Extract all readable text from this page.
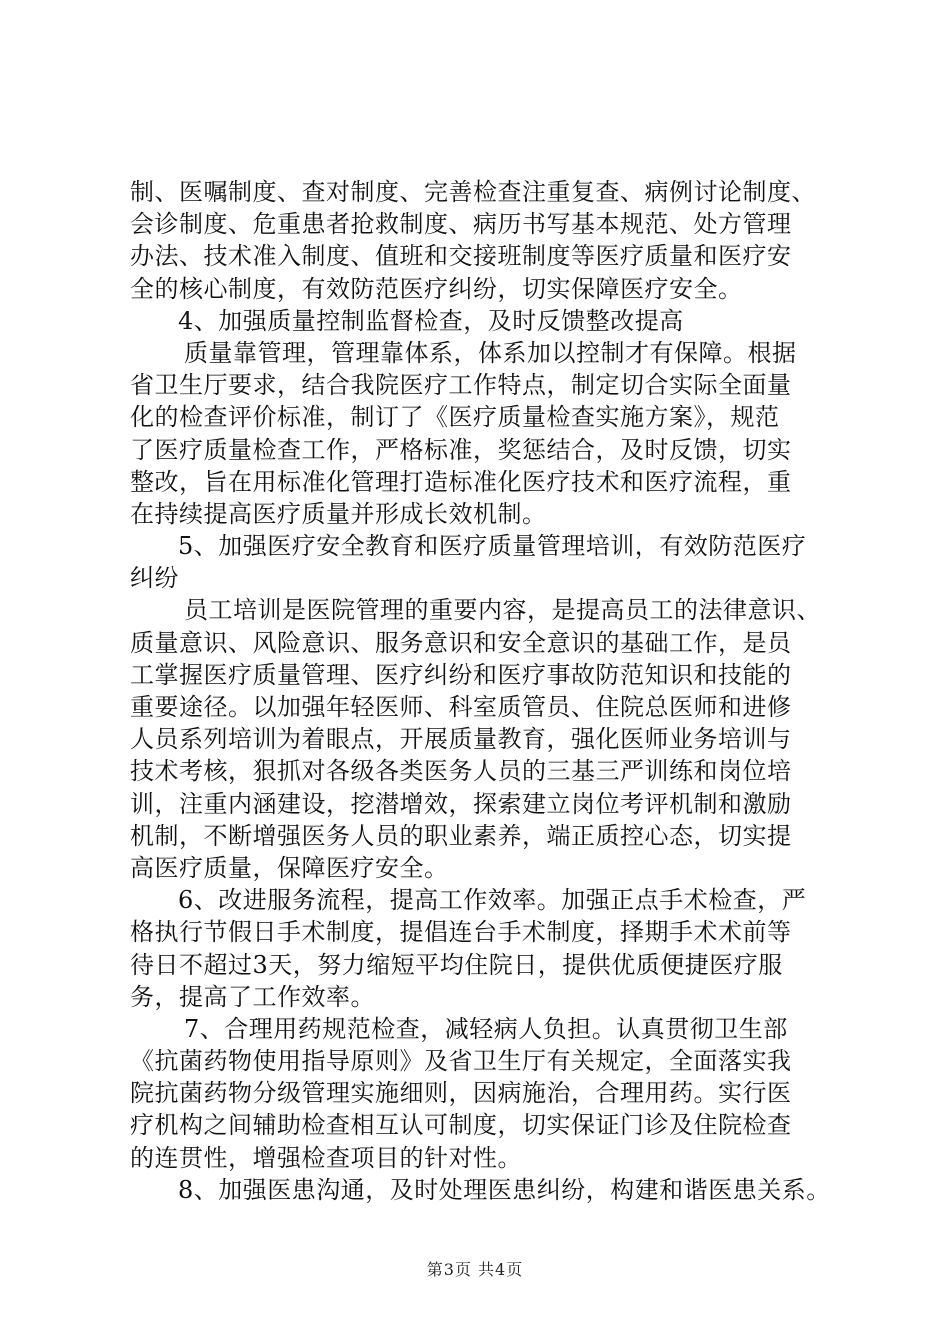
制、医嘱制度、查对制度、完善检查注重复查、病例讨论制度、
会诊制度、危重患者抢救制度、病历书写基本规范、处方管理
办法、技术准入制度、值班和交接班制度等医疗质量和医疗安
全的核心制度，有效防范医疗纠纷，切实保障医疗安全。
4、加强质量控制监督检查，及时反馈整改提高
质量靠管理，管理靠体系，体系加以控制才有保障。根据
省卫生厅要求，结合我院医疗工作特点，制定切合实际全面量
化的检查评价标准，制订了《医疗质量检查实施方案》，规范
了医疗质量检查工作，严格标准，奖惩结合，及时反馈，切实
整改，旨在用标准化管理打造标准化医疗技术和医疗流程，重
在持续提高医疗质量并形成长效机制。
5、加强医疗安全教育和医疗质量管理培训，有效防范医疗
纠纷
员工培训是医院管理的重要内容，是提高员工的法律意识、
质量意识、风险意识、服务意识和安全意识的基础工作，是员
工掌握医疗质量管理、医疗纠纷和医疗事故防范知识和技能的
重要途径。以加强年轻医师、科室质管员、住院总医师和进修
人员系列培训为着眼点，开展质量教育，强化医师业务培训与
技术考核，狠抓对各级各类医务人员的三基三严训练和岗位培
训，注重内涵建设，挖潜增效，探索建立岗位考评机制和激励
机制，不断增强医务人员的职业素养，端正质控心态，切实提
高医疗质量，保障医疗安全。
6、改进服务流程，提高工作效率。加强正点手术检查，严
格执行节假日手术制度，提倡连台手术制度，择期手术术前等
待日不超过3天，努力缩短平均住院日，提供优质便捷医疗服
务，提高了工作效率。
7、合理用药规范检查，减轻病人负担。认真贯彻卫生部
《抗菌药物使用指导原则》及省卫生厅有关规定，全面落实我
院抗菌药物分级管理实施细则，因病施治，合理用药。实行医
疗机构之间辅助检查相互认可制度，切实保证门诊及住院检查
的连贯性，增强检查项目的针对性。
8、加强医患沟通，及时处理医患纠纷，构建和谐医患关系。
第3页 共4页
